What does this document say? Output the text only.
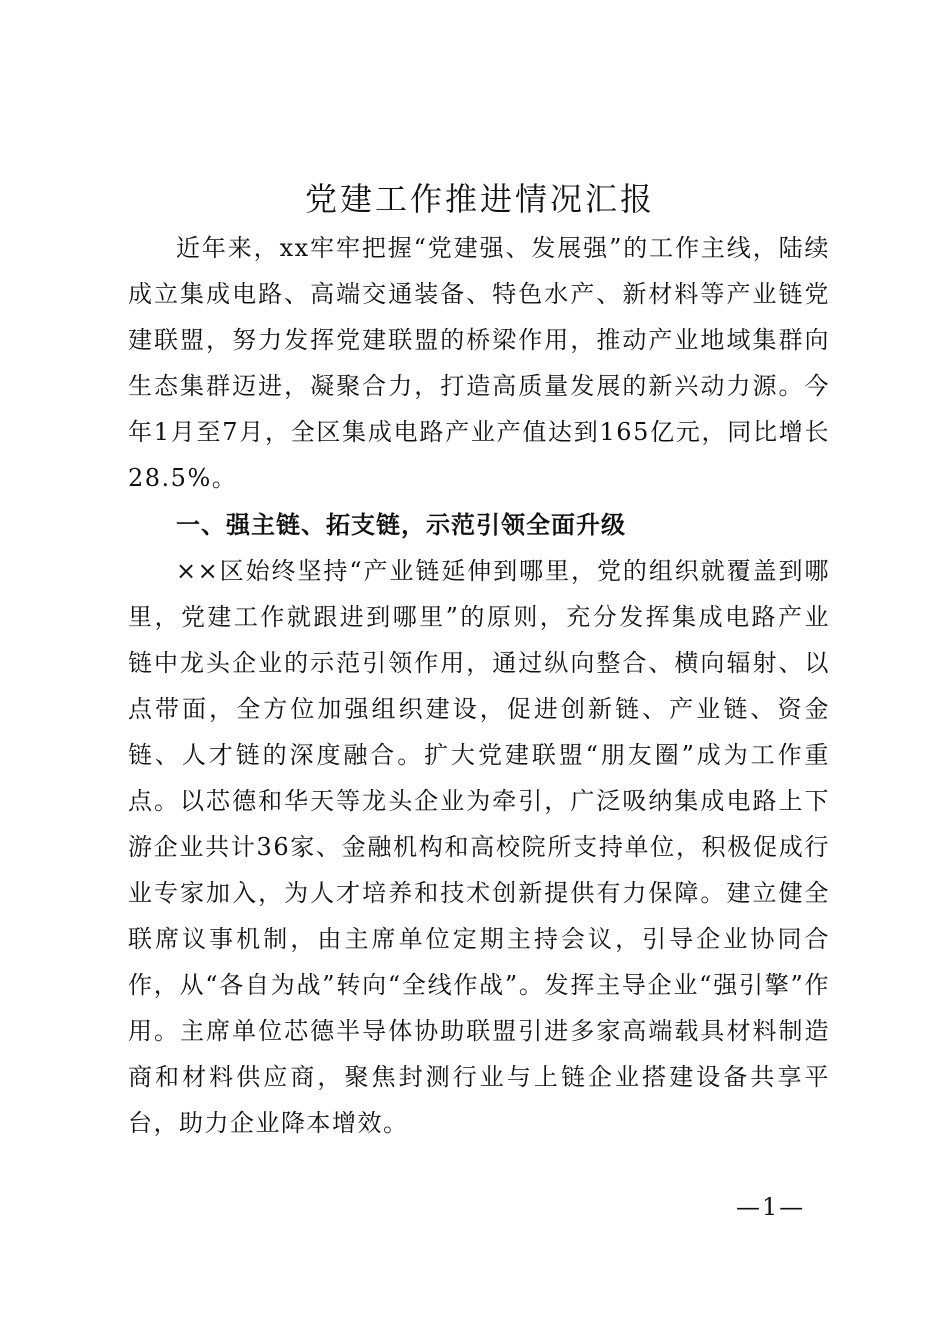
党建工作推进情况汇报

近年来，xx牢牢把握“党建强、发展强”的工作主线，陆续成立集成电路、高端交通装备、特色水产、新材料等产业链党建联盟，努力发挥党建联盟的桥梁作用，推动产业地域集群向生态集群迈进，凝聚合力，打造高质量发展的新兴动力源。今年1月至7月，全区集成电路产业产值达到165亿元，同比增长28.5%。

一、强主链、拓支链，示范引领全面升级

××区始终坚持“产业链延伸到哪里，党的组织就覆盖到哪里，党建工作就跟进到哪里”的原则，充分发挥集成电路产业链中龙头企业的示范引领作用，通过纵向整合、横向辐射、以点带面，全方位加强组织建设，促进创新链、产业链、资金链、人才链的深度融合。扩大党建联盟“朋友圈”成为工作重点。以芯德和华天等龙头企业为牵引，广泛吸纳集成电路上下游企业共计36家、金融机构和高校院所支持单位，积极促成行业专家加入，为人才培养和技术创新提供有力保障。建立健全联席议事机制，由主席单位定期主持会议，引导企业协同合作，从“各自为战”转向“全线作战”。发挥主导企业“强引擎”作用。主席单位芯德半导体协助联盟引进多家高端载具材料制造商和材料供应商，聚焦封测行业与上链企业搭建设备共享平台，助力企业降本增效。

—1—
